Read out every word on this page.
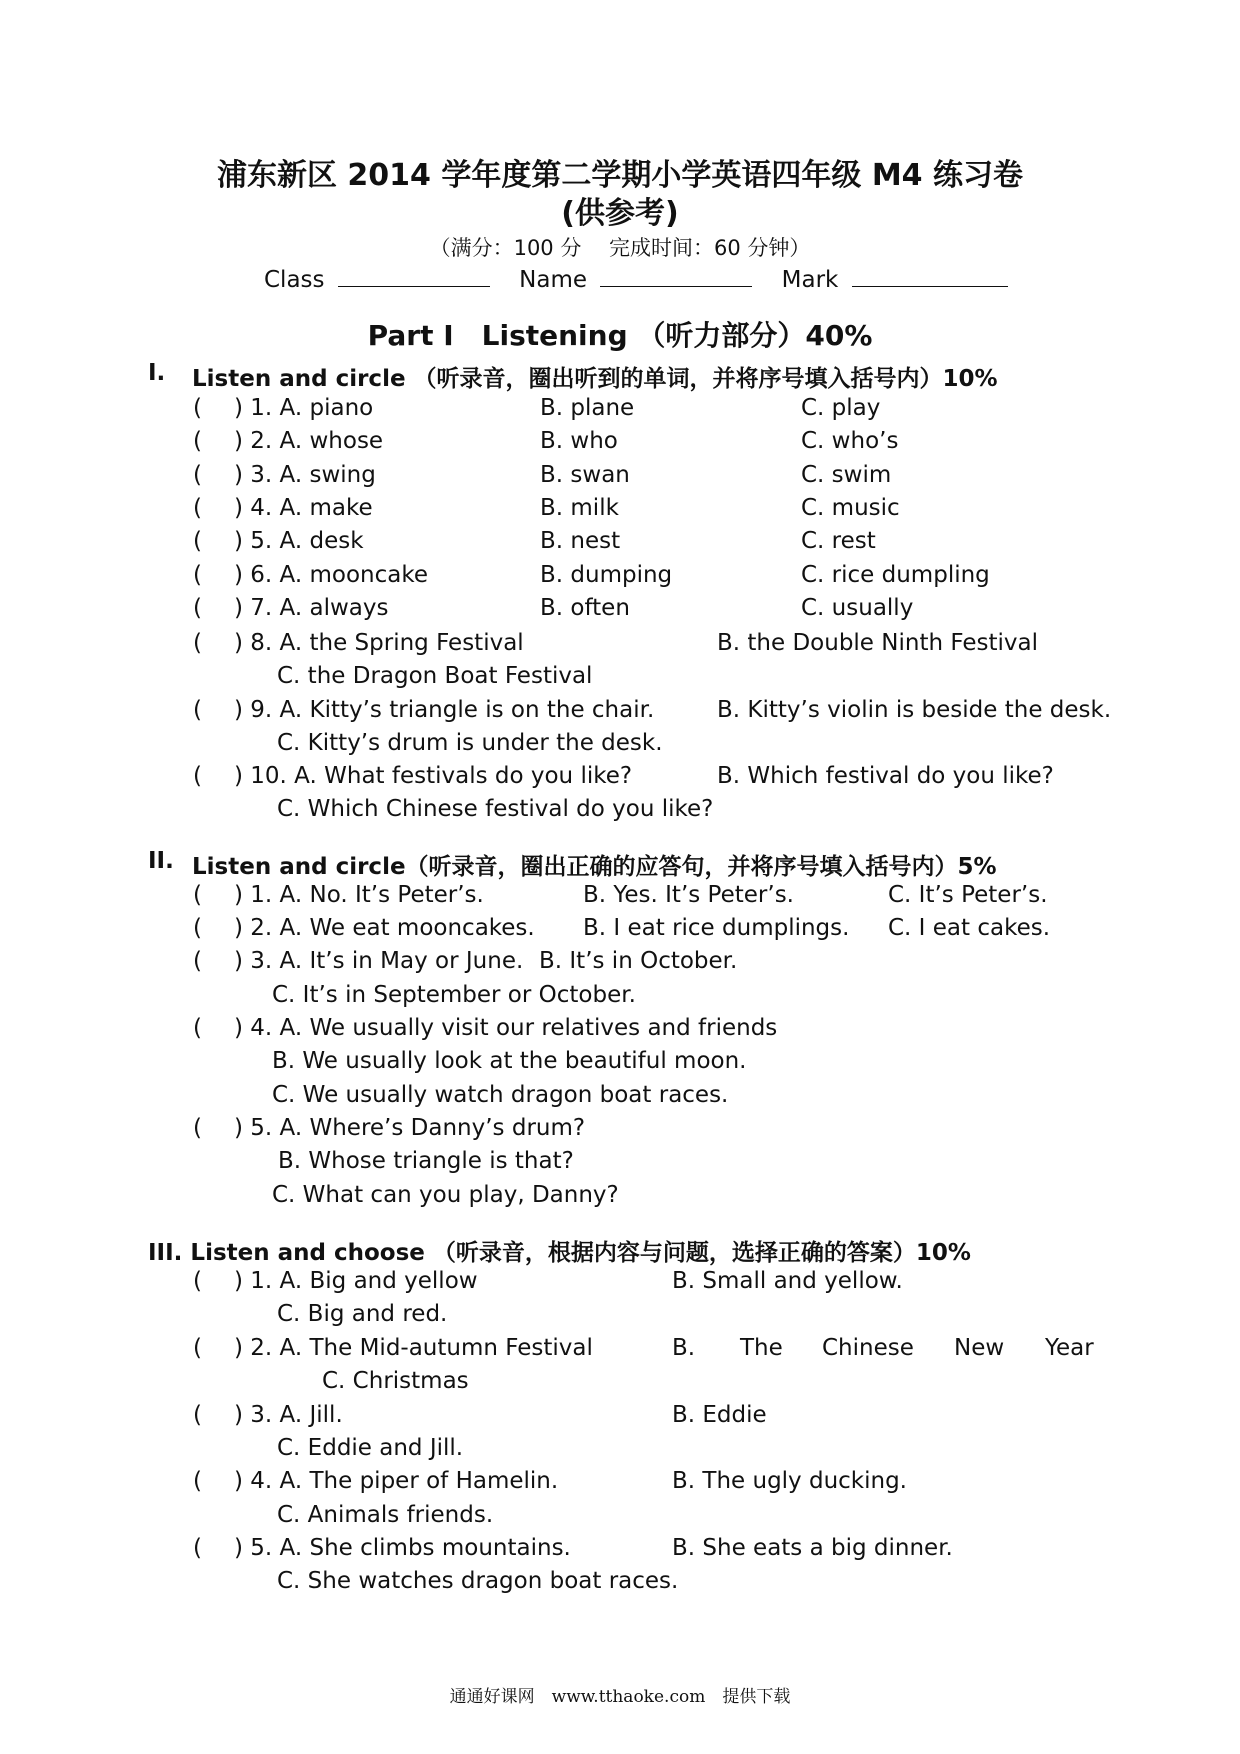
浦东新区 2014 学年度第二学期小学英语四年级 M4 练习卷
(供参考)
（满分：100 分　 完成时间：60 分钟）
Class	Name	Mark
Part I　Listening （听力部分）40%
I. Listen and circle （听录音，圈出听到的单词，并将序号填入括号内）10%
( ) 1. A. piano	B. plane	C. play
( ) 2. A. whose	B. who	C. who’s
( ) 3. A. swing	B. swan	C. swim
( ) 4. A. make	B. milk	C. music
( ) 5. A. desk	B. nest	C. rest
( ) 6. A. mooncake	B. dumping	C. rice dumpling
( ) 7. A. always	B. often	C. usually
( ) 8. A. the Spring Festival	B. the Double Ninth Festival
C. the Dragon Boat Festival
( ) 9. A. Kitty’s triangle is on the chair.	B. Kitty’s violin is beside the desk.
C. Kitty’s drum is under the desk.
( ) 10. A. What festivals do you like?	B. Which festival do you like?
C. Which Chinese festival do you like?
II. Listen and circle（听录音，圈出正确的应答句，并将序号填入括号内）5%
( ) 1. A. No. It’s Peter’s.	B. Yes. It’s Peter’s.	C. It’s Peter’s.
( ) 2. A. We eat mooncakes. B. I eat rice dumplings. C. I eat cakes.
( ) 3. A. It’s in May or June. B. It’s in October.
C. It’s in September or October.
( ) 4. A. We usually visit our relatives and friends
B. We usually look at the beautiful moon.
C. We usually watch dragon boat races.
( ) 5. A. Where’s Danny’s drum?
B. Whose triangle is that?
C. What can you play, Danny?
III. Listen and choose （听录音，根据内容与问题，选择正确的答案）10%
( ) 1. A. Big and yellow	B. Small and yellow.
C. Big and red.
( ) 2. A. The Mid-autumn Festival	B. The Chinese New Year
C. Christmas
( ) 3. A. Jill.	B. Eddie
C. Eddie and Jill.
( ) 4. A. The piper of Hamelin.	B. The ugly ducking.
C. Animals friends.
( ) 5. A. She climbs mountains.	B. She eats a big dinner.
C. She watches dragon boat races.
通通好课网　www.tthaoke.com　提供下载
